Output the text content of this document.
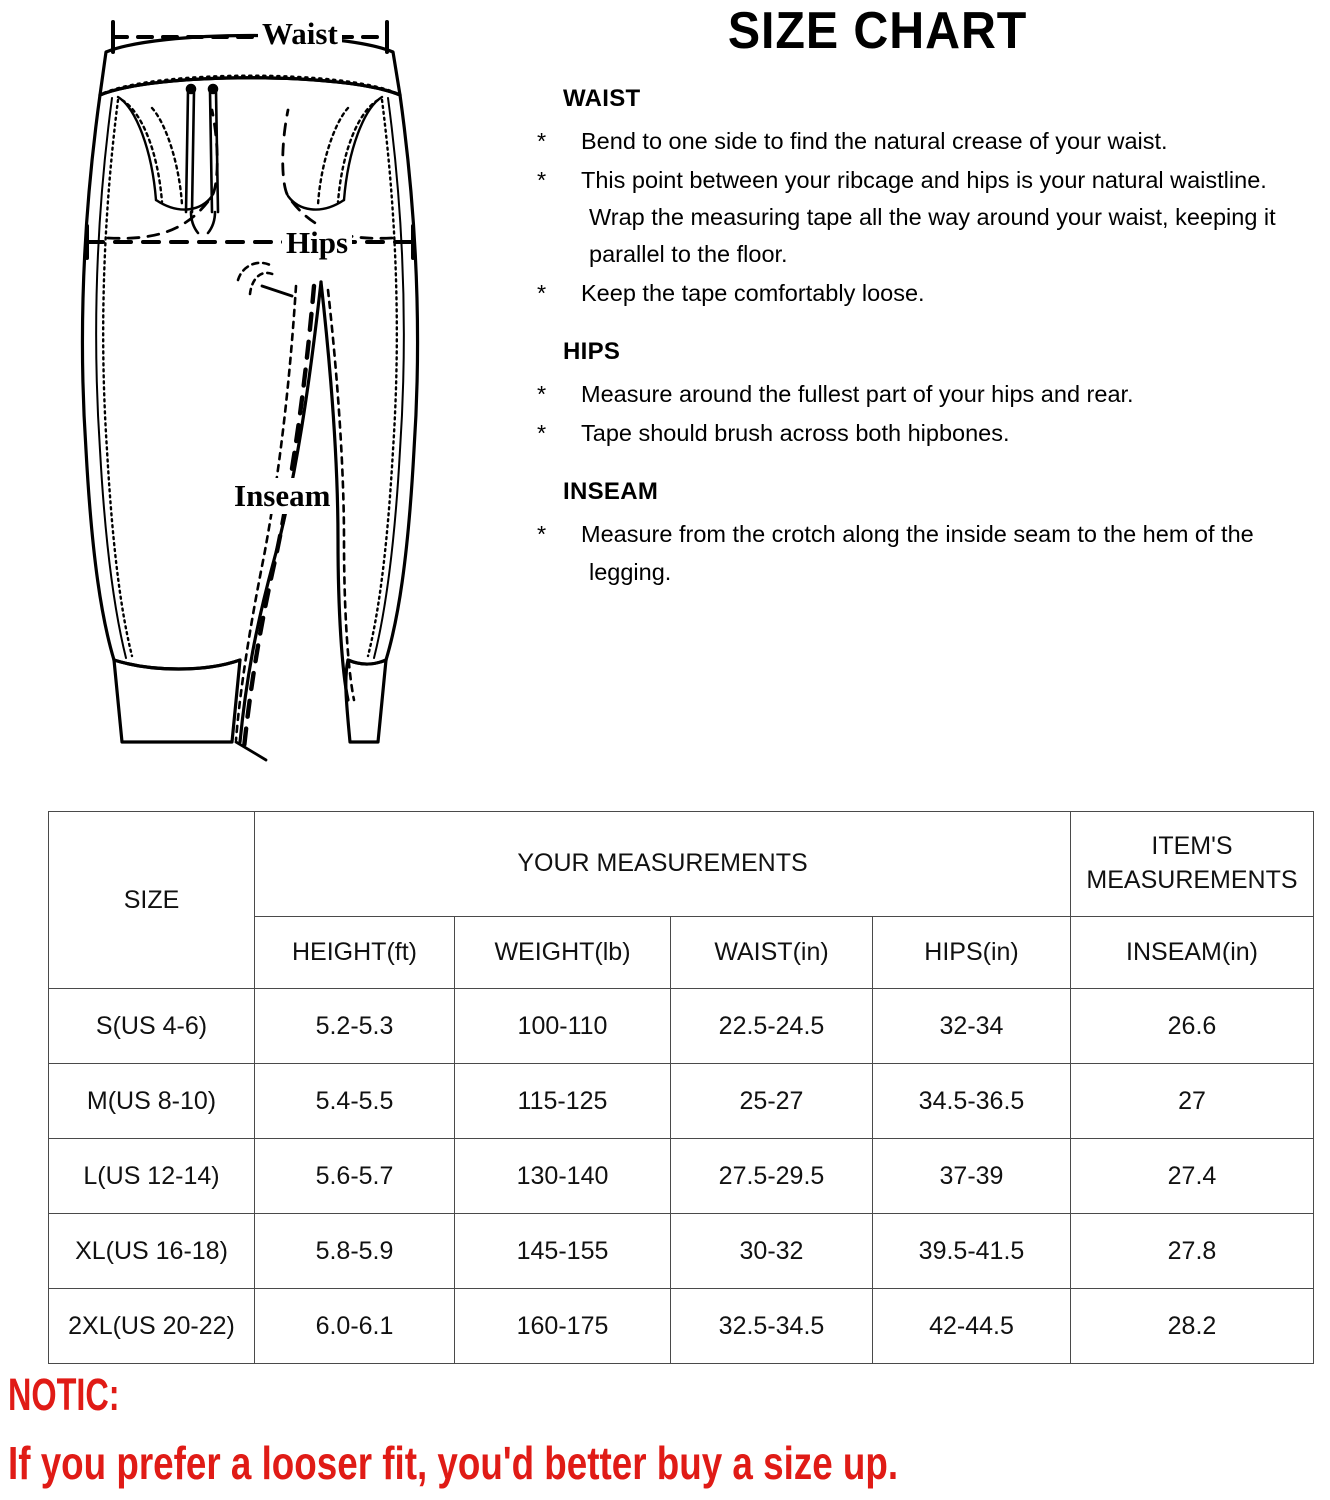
Waist
Hips
Inseam
SIZE CHART
WAIST

* Bend to one side to find the natural crease of your waist.

* This point between your ribcage and hips is your natural waistline. Wrap the measuring tape all the way around your waist, keeping it parallel to the floor.

* Keep the tape comfortably loose.

HIPS

* Measure around the fullest part of your hips and rear.

* Tape should brush across both hipbones.

INSEAM

* Measure from the crotch along the inside seam to the hem of the legging.

SIZE	YOUR MEASUREMENTS				ITEM'S MEASUREMENTS
	HEIGHT(ft)	WEIGHT(lb)	WAIST(in)	HIPS(in)	INSEAM(in)
S(US 4-6)	5.2-5.3	100-110	22.5-24.5	32-34	26.6
M(US 8-10)	5.4-5.5	115-125	25-27	34.5-36.5	27
L(US 12-14)	5.6-5.7	130-140	27.5-29.5	37-39	27.4
XL(US 16-18)	5.8-5.9	145-155	30-32	39.5-41.5	27.8
2XL(US 20-22)	6.0-6.1	160-175	32.5-34.5	42-44.5	28.2
NOTIC:
If you prefer a looser fit, you'd better buy a size up.
